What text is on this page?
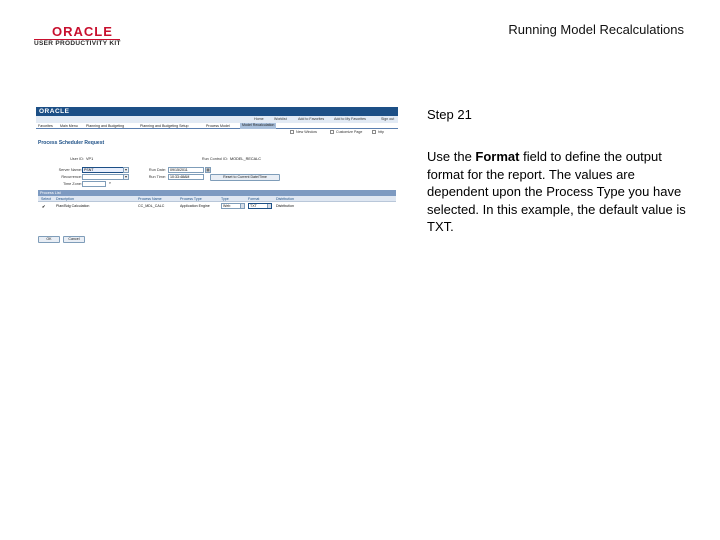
ORACLE
USER PRODUCTIVITY KIT
Running Model Recalculations
ORACLE
Home	Worklist	Add to Favorites	Add to My Favorites	Sign out
Favorites Main Menu Planning and Budgeting	Planning and Budgeting Setup	Process Model	Model Recalculation
New Window	Customize Page	http
Process Scheduler Request
User ID: VP1
Server Name: PSNT	▾
Recurrence:	▾
Time Zone:	⌕
Run Control ID: MODEL_RECALC
Run Date:	09/15/2011	▦
Run Time:	10:33:48AM	Reset to Current Date/Time
Process List
Select Description	Process Name	Process Type	Type	Format	Distribution
✔	Plan/Bdg Calculation	CC_MDL_CALC	Application Engine	Web	TXT	Distribution
OK	Cancel
Step 21
Use the Format field to define the output format for the report. The values are dependent upon the Process Type you have selected. In this example, the default value is TXT.
